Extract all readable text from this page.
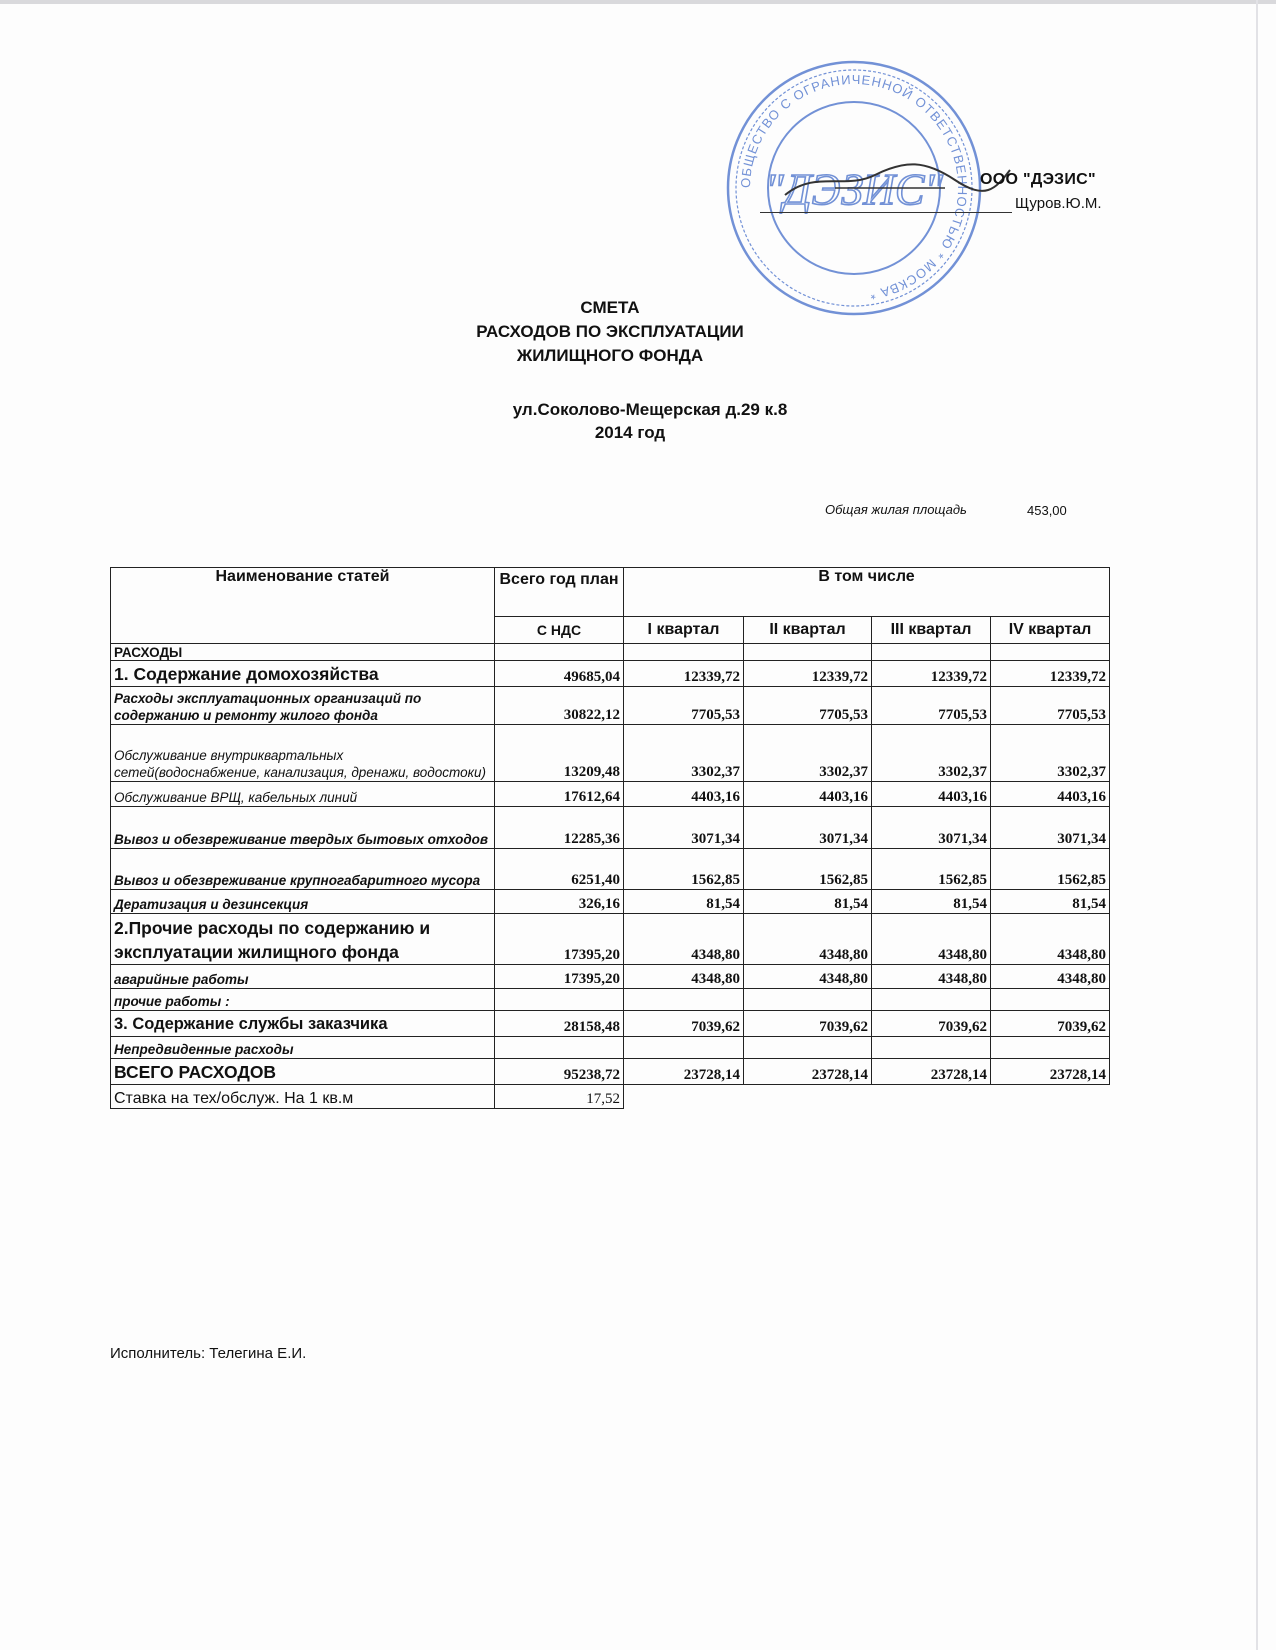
ОБЩЕСТВО С ОГРАНИЧЕННОЙ ОТВЕТСТВЕННОСТЬЮ * МОСКВА *
"ДЭЗИС" ООО "ДЭЗИС"
Щуров.Ю.М.
СМЕТА
РАСХОДОВ ПО ЭКСПЛУАТАЦИИ
ЖИЛИЩНОГО ФОНДА
ул.Соколово-Мещерская д.29 к.8
2014 год
Общая жилая площадь	453,00
Наименование статей	Всего год план	В том числе			
	С НДС	I квартал	II квартал	III квартал	IV квартал
РАСХОДЫ					
1. Содержание домохозяйства	49685,04	12339,72	12339,72	12339,72	12339,72
Расходы эксплуатационных организаций по содержанию и ремонту жилого фонда	30822,12	7705,53	7705,53	7705,53	7705,53
Обслуживание внутриквартальных сетей(водоснабжение, канализация, дренажи, водостоки)	13209,48	3302,37	3302,37	3302,37	3302,37
Обслуживание ВРЩ, кабельных линий	17612,64	4403,16	4403,16	4403,16	4403,16
Вывоз и обезвреживание твердых бытовых отходов	12285,36	3071,34	3071,34	3071,34	3071,34
Вывоз и обезвреживание крупногабаритного мусора	6251,40	1562,85	1562,85	1562,85	1562,85
Дератизация и дезинсекция	326,16	81,54	81,54	81,54	81,54
2.Прочие расходы по содержанию и эксплуатации жилищного фонда	17395,20	4348,80	4348,80	4348,80	4348,80
аварийные работы	17395,20	4348,80	4348,80	4348,80	4348,80
прочие работы :					
3. Содержание службы заказчика	28158,48	7039,62	7039,62	7039,62	7039,62
Непредвиденные расходы					
ВСЕГО РАСХОДОВ	95238,72	23728,14	23728,14	23728,14	23728,14
Ставка на тех/обслуж. На 1 кв.м	17,52				
Исполнитель: Телегина Е.И.
